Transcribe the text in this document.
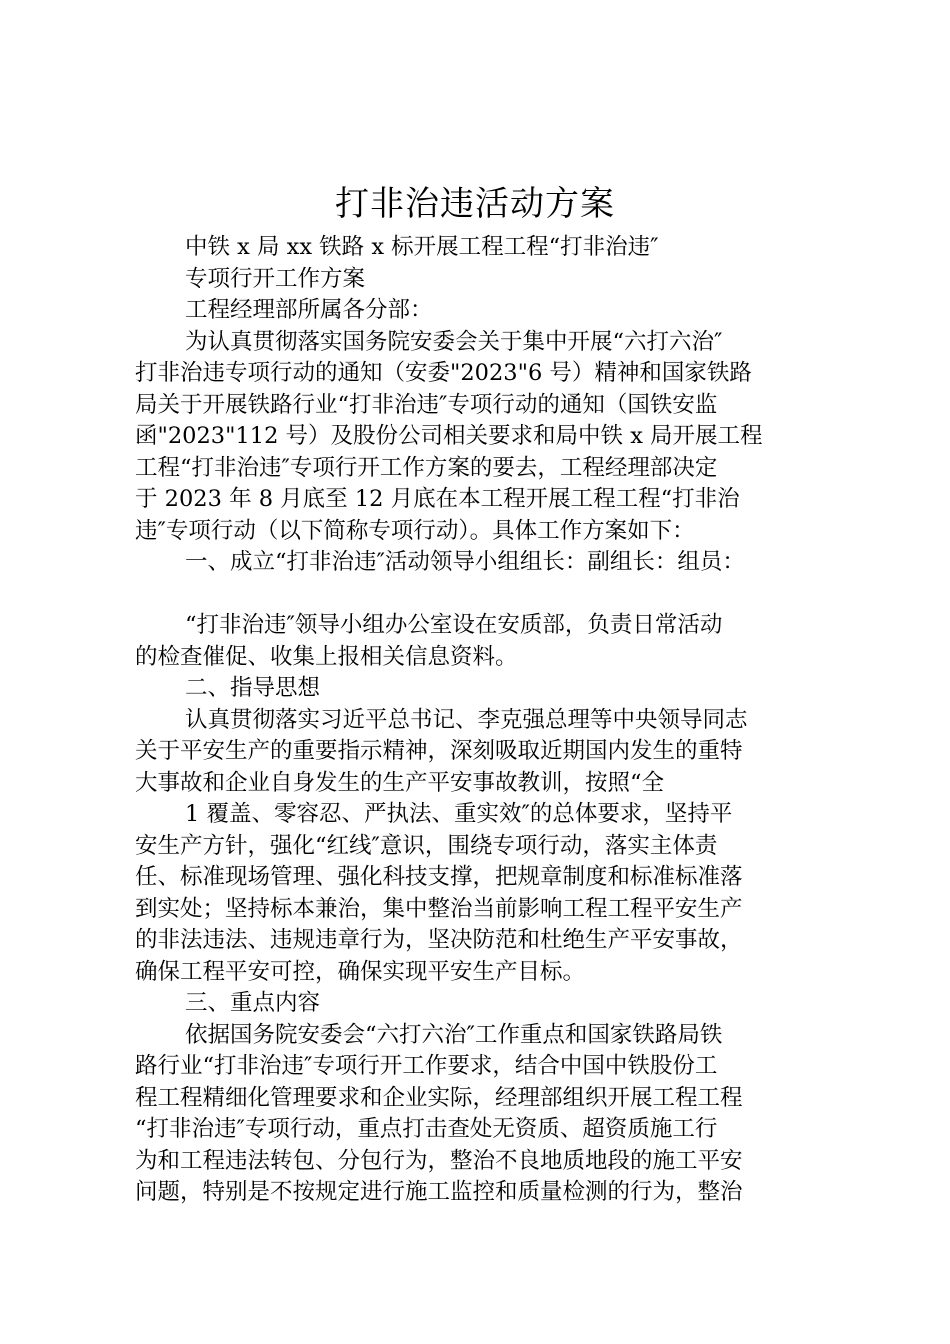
打非治违活动方案
中铁 x 局 xx 铁路 x 标开展工程工程“打非治违″
专项行开工作方案
工程经理部所属各分部：
为认真贯彻落实国务院安委会关于集中开展“六打六治″
打非治违专项行动的通知（安委"2023"6 号）精神和国家铁路
局关于开展铁路行业“打非治违″专项行动的通知（国铁安监
函"2023"112 号）及股份公司相关要求和局中铁 x 局开展工程
工程“打非治违″专项行开工作方案的要去，工程经理部决定
于 2023 年 8 月底至 12 月底在本工程开展工程工程“打非治
违″专项行动（以下简称专项行动）。具体工作方案如下：
一、成立“打非治违″活动领导小组组长：副组长：组员：
“打非治违″领导小组办公室设在安质部，负责日常活动
的检查催促、收集上报相关信息资料。
二、指导思想
认真贯彻落实习近平总书记、李克强总理等中央领导同志
关于平安生产的重要指示精神，深刻吸取近期国内发生的重特
大事故和企业自身发生的生产平安事故教训，按照“全
1 覆盖、零容忍、严执法、重实效″的总体要求，坚持平
安生产方针，强化“红线″意识，围绕专项行动，落实主体责
任、标准现场管理、强化科技支撑，把规章制度和标准标准落
到实处；坚持标本兼治，集中整治当前影响工程工程平安生产
的非法违法、违规违章行为，坚决防范和杜绝生产平安事故，
确保工程平安可控，确保实现平安生产目标。
三、重点内容
依据国务院安委会“六打六治″工作重点和国家铁路局铁
路行业“打非治违″专项行开工作要求，结合中国中铁股份工
程工程精细化管理要求和企业实际，经理部组织开展工程工程
“打非治违″专项行动，重点打击查处无资质、超资质施工行
为和工程违法转包、分包行为，整治不良地质地段的施工平安
问题，特别是不按规定进行施工监控和质量检测的行为，整治
